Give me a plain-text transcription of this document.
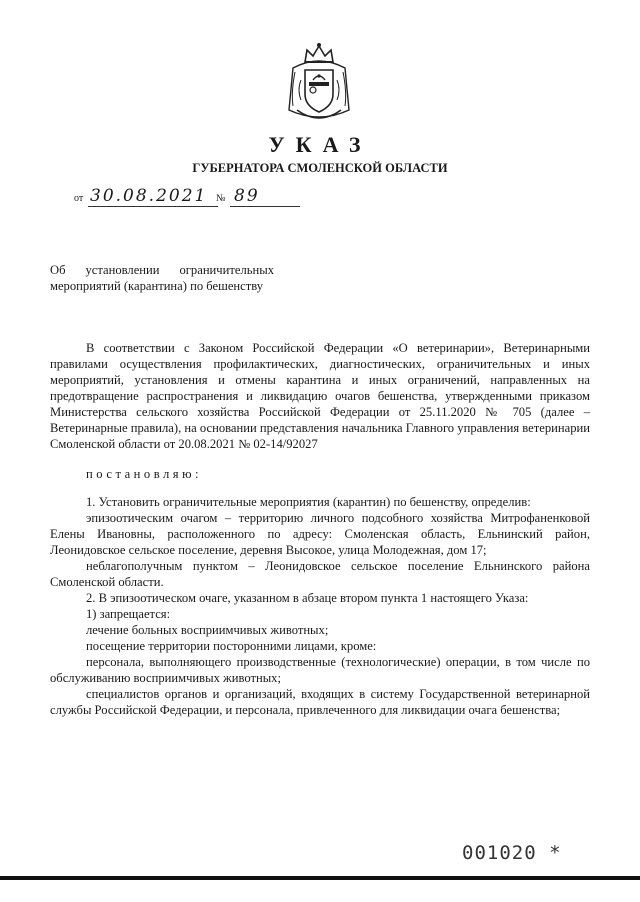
УКАЗ
ГУБЕРНАТОРА СМОЛЕНСКОЙ ОБЛАСТИ
от 30.08.2021 № 89
Об установлении ограничительных мероприятий (карантина) по бешенству

В соответствии с Законом Российской Федерации «О ветеринарии», Ветеринарными правилами осуществления профилактических, диагностических, ограничительных и иных мероприятий, установления и отмены карантина и иных ограничений, направленных на предотвращение распространения и ликвидацию очагов бешенства, утвержденными приказом Министерства сельского хозяйства Российской Федерации от 25.11.2020 № 705 (далее – Ветеринарные правила), на основании представления начальника Главного управления ветеринарии Смоленской области от 20.08.2021 № 02-14/92027

постановляю:

1. Установить ограничительные мероприятия (карантин) по бешенству, определив:

эпизоотическим очагом – территорию личного подсобного хозяйства Митрофаненковой Елены Ивановны, расположенного по адресу: Смоленская область, Ельнинский район, Леонидовское сельское поселение, деревня Высокое, улица Молодежная, дом 17;

неблагополучным пунктом – Леонидовское сельское поселение Ельнинского района Смоленской области.

2. В эпизоотическом очаге, указанном в абзаце втором пункта 1 настоящего Указа:

1) запрещается:

лечение больных восприимчивых животных;

посещение территории посторонними лицами, кроме:

персонала, выполняющего производственные (технологические) операции, в том числе по обслуживанию восприимчивых животных;

специалистов органов и организаций, входящих в систему Государственной ветеринарной службы Российской Федерации, и персонала, привлеченного для ликвидации очага бешенства;

001020 *
